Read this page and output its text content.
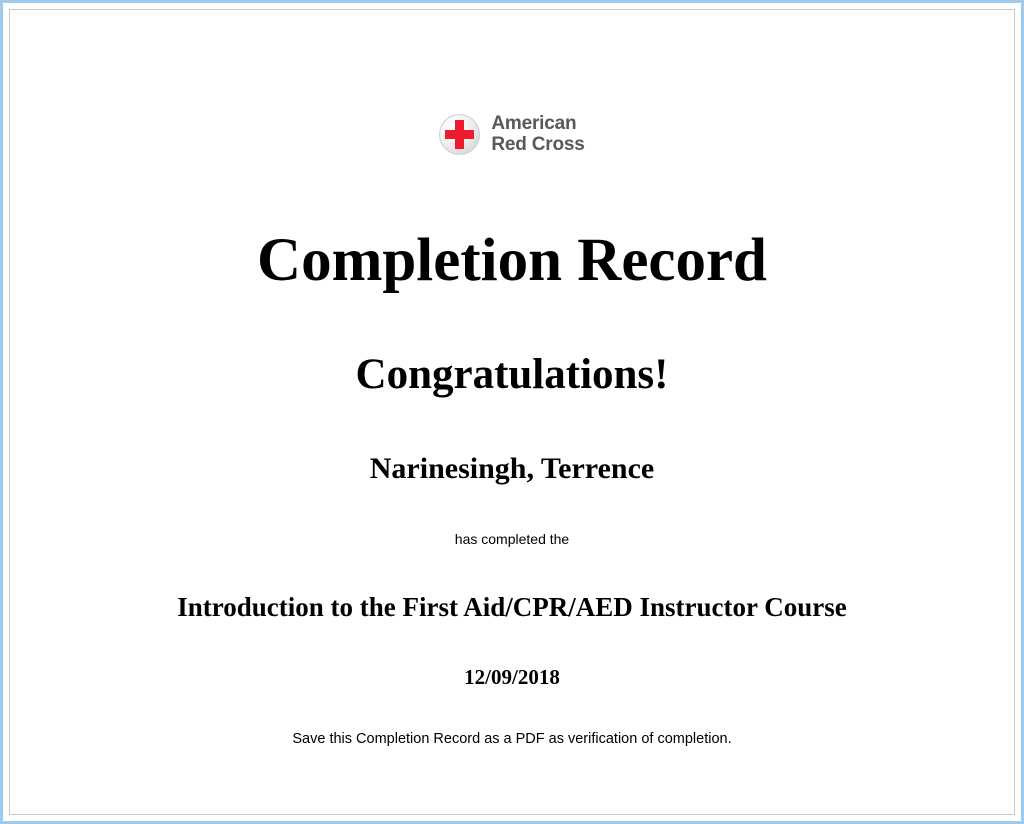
American
Red Cross
Completion Record
Congratulations!
Narinesingh, Terrence
has completed the
Introduction to the First Aid/CPR/AED Instructor Course
12/09/2018
Save this Completion Record as a PDF as verification of completion.
